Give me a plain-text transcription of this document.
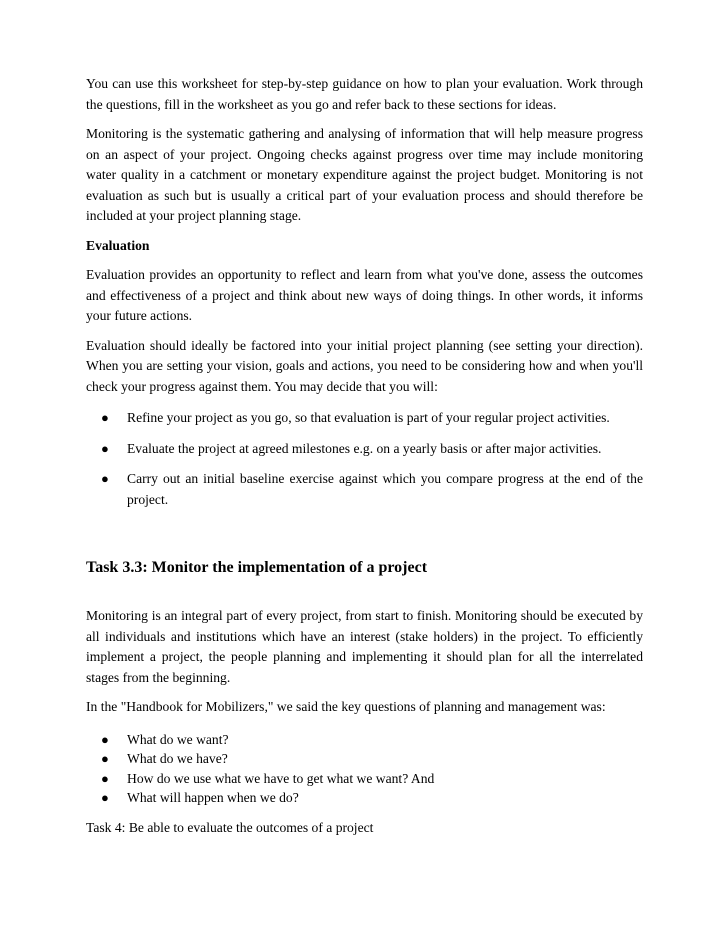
You can use this worksheet for step-by-step guidance on how to plan your evaluation. Work through the questions, fill in the worksheet as you go and refer back to these sections for ideas.

Monitoring is the systematic gathering and analysing of information that will help measure progress on an aspect of your project. Ongoing checks against progress over time may include monitoring water quality in a catchment or monetary expenditure against the project budget. Monitoring is not evaluation as such but is usually a critical part of your evaluation process and should therefore be included at your project planning stage.

Evaluation

Evaluation provides an opportunity to reflect and learn from what you've done, assess the outcomes and effectiveness of a project and think about new ways of doing things. In other words, it informs your future actions.

Evaluation should ideally be factored into your initial project planning (see setting your direction). When you are setting your vision, goals and actions, you need to be considering how and when you'll check your progress against them. You may decide that you will:

● Refine your project as you go, so that evaluation is part of your regular project activities.
● Evaluate the project at agreed milestones e.g. on a yearly basis or after major activities.
● Carry out an initial baseline exercise against which you compare progress at the end of the project.

Task 3.3: Monitor the implementation of a project

Monitoring is an integral part of every project, from start to finish. Monitoring should be executed by all individuals and institutions which have an interest (stake holders) in the project. To efficiently implement a project, the people planning and implementing it should plan for all the interrelated stages from the beginning.

In the "Handbook for Mobilizers," we said the key questions of planning and management was:

● What do we want?
● What do we have?
● How do we use what we have to get what we want? And
● What will happen when we do?

Task 4: Be able to evaluate the outcomes of a project
